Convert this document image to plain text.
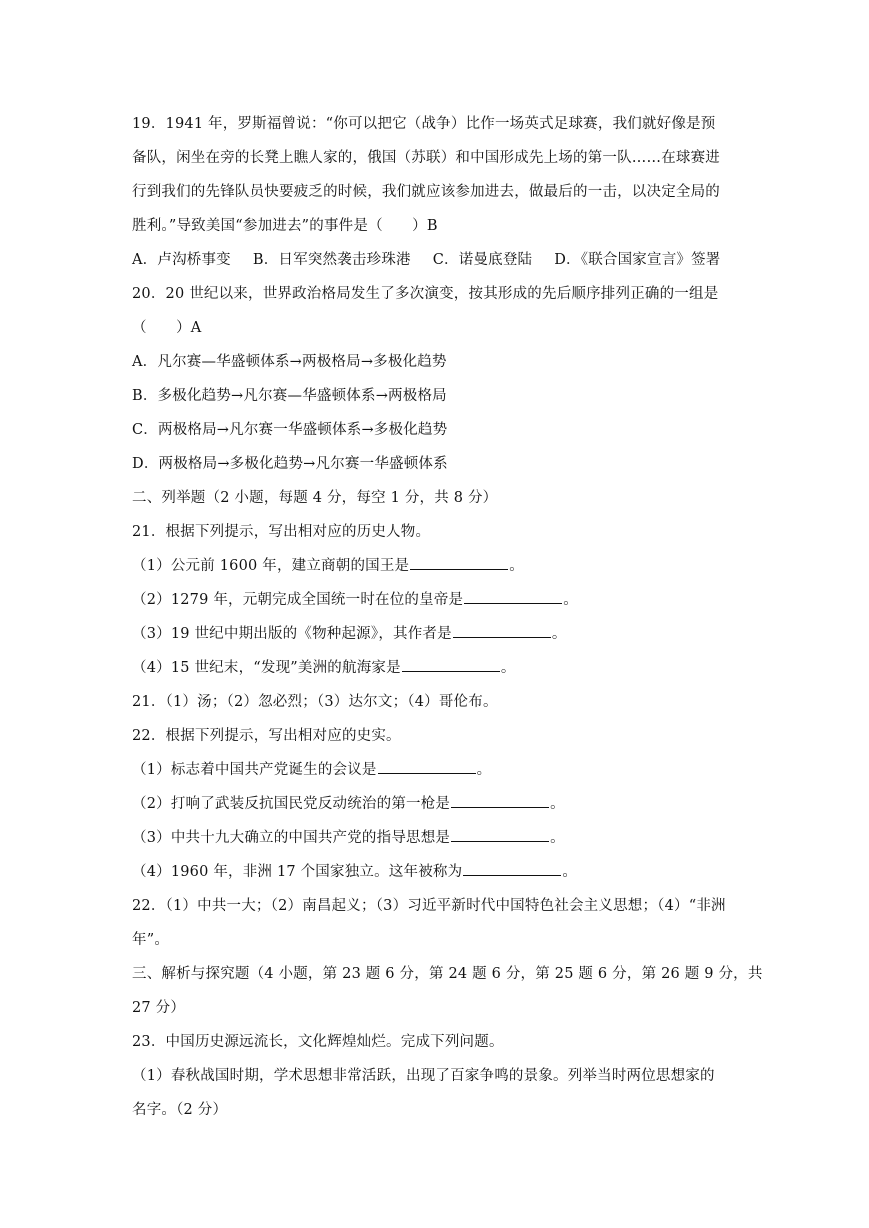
19．1941 年，罗斯福曾说：“你可以把它（战争）比作一场英式足球赛，我们就好像是预
备队，闲坐在旁的长凳上瞧人家的，俄国（苏联）和中国形成先上场的第一队……在球赛进
行到我们的先锋队员快要疲乏的时候，我们就应该参加进去，做最后的一击，以决定全局的
胜利。”导致美国“参加进去”的事件是（　　）B
A．卢沟桥事变 B．日军突然袭击珍珠港 C．诺曼底登陆 D．《联合国家宣言》签署
20．20 世纪以来，世界政治格局发生了多次演变，按其形成的先后顺序排列正确的一组是
（　　）A
A．凡尔赛—华盛顿体系→两极格局→多极化趋势
B．多极化趋势→凡尔赛—华盛顿体系→两极格局
C．两极格局→凡尔赛一华盛顿体系→多极化趋势
D．两极格局→多极化趋势→凡尔赛一华盛顿体系
二、列举题（2 小题，每题 4 分，每空 1 分，共 8 分）
21．根据下列提示，写出相对应的历史人物。
（1）公元前 1600 年，建立商朝的国王是	。
（2）1279 年，元朝完成全国统一时在位的皇帝是	。
（3）19 世纪中期出版的《物种起源》，其作者是	。
（4）15 世纪末，“发现”美洲的航海家是	。
21．（1）汤；（2）忽必烈；（3）达尔文；（4）哥伦布。
22．根据下列提示，写出相对应的史实。
（1）标志着中国共产党诞生的会议是	。
（2）打响了武装反抗国民党反动统治的第一枪是	。
（3）中共十九大确立的中国共产党的指导思想是	。
（4）1960 年，非洲 17 个国家独立。这年被称为	。
22．（1）中共一大；（2）南昌起义；（3）习近平新时代中国特色社会主义思想；（4）“非洲
年”。
三、解析与探究题（4 小题，第 23 题 6 分，第 24 题 6 分，第 25 题 6 分，第 26 题 9 分，共
27 分）
23．中国历史源远流长，文化辉煌灿烂。完成下列问题。
（1）春秋战国时期，学术思想非常活跃，出现了百家争鸣的景象。列举当时两位思想家的
名字。（2 分）
